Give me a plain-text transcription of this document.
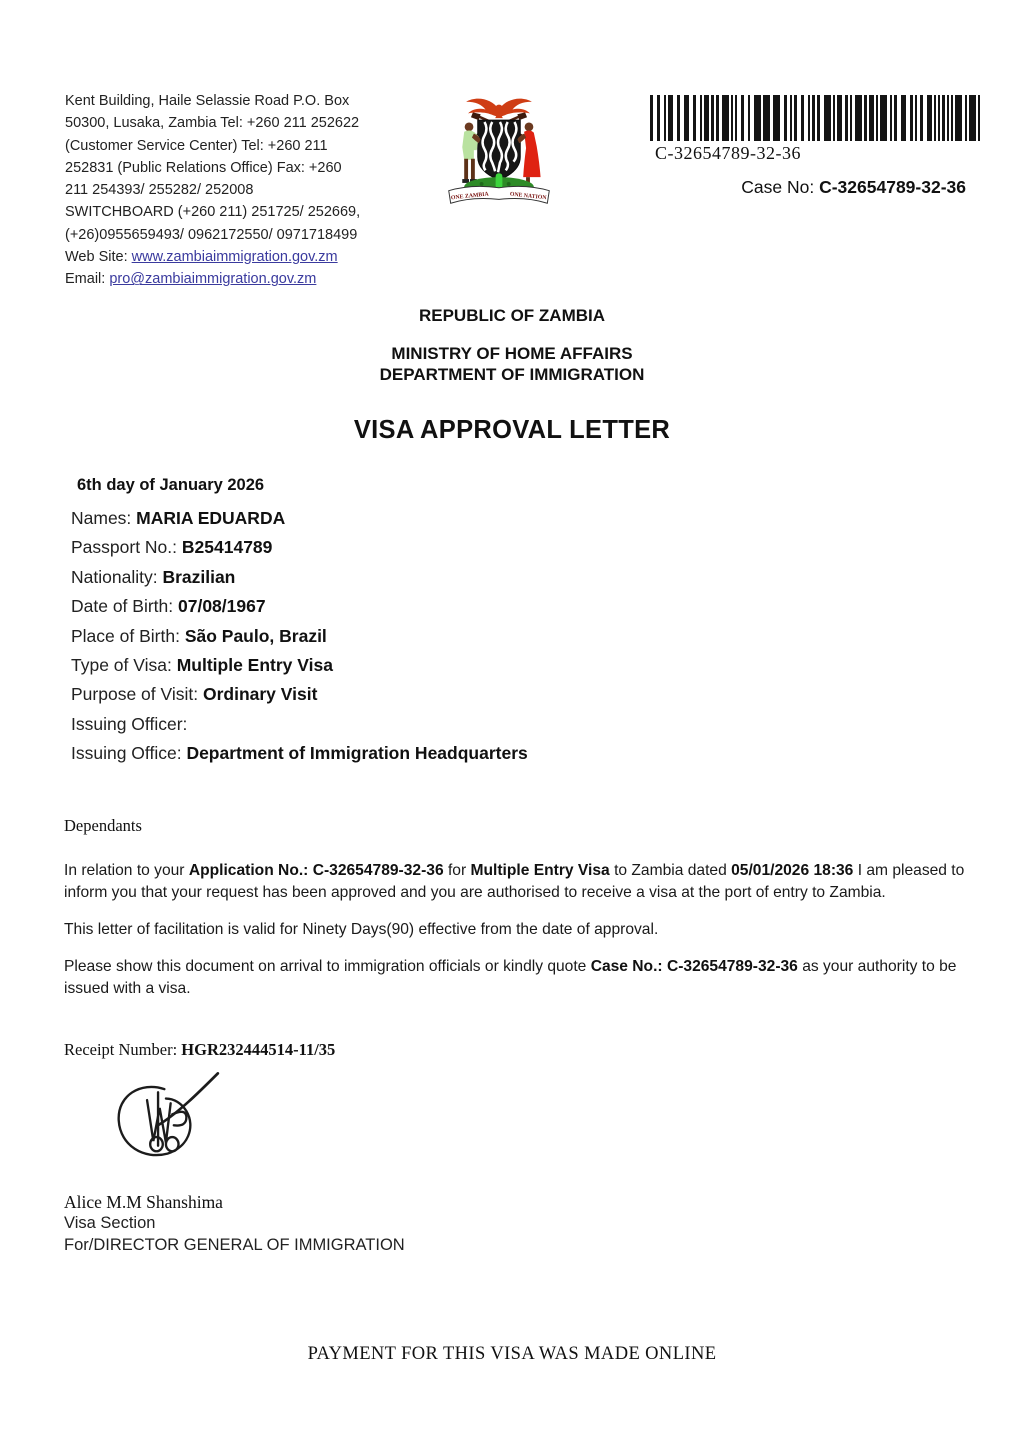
Kent Building, Haile Selassie Road P.O. Box
50300, Lusaka, Zambia Tel: +260 211 252622
(Customer Service Center) Tel: +260 211
252831 (Public Relations Office) Fax: +260
211 254393/ 255282/ 252008
SWITCHBOARD (+260 211) 251725/ 252669,
(+26)0955659493/ 0962172550/ 0971718499
Web Site: www.zambiaimmigration.gov.zm
Email: pro@zambiaimmigration.gov.zm
ONE ZAMBIA	ONE NATION
C-32654789-32-36
Case No: C-32654789-32-36
REPUBLIC OF ZAMBIA
MINISTRY OF HOME AFFAIRS
DEPARTMENT OF IMMIGRATION
VISA APPROVAL LETTER
6th day of January 2026
Names: MARIA EDUARDA
Passport No.: B25414789
Nationality: Brazilian
Date of Birth: 07/08/1967
Place of Birth: São Paulo, Brazil
Type of Visa: Multiple Entry Visa
Purpose of Visit: Ordinary Visit
Issuing Officer:
Issuing Office: Department of Immigration Headquarters
Dependants

In relation to your Application No.: C-32654789-32-36 for Multiple Entry Visa to Zambia dated 05/01/2026 18:36 I am pleased to inform you that your request has been approved and you are authorised to receive a visa at the port of entry to Zambia.

This letter of facilitation is valid for Ninety Days(90) effective from the date of approval.

Please show this document on arrival to immigration officials or kindly quote Case No.: C-32654789-32-36 as your authority to be issued with a visa.

Receipt Number: HGR232444514-11/35
Alice M.M Shanshima
Visa Section
For/DIRECTOR GENERAL OF IMMIGRATION
PAYMENT FOR THIS VISA WAS MADE ONLINE
